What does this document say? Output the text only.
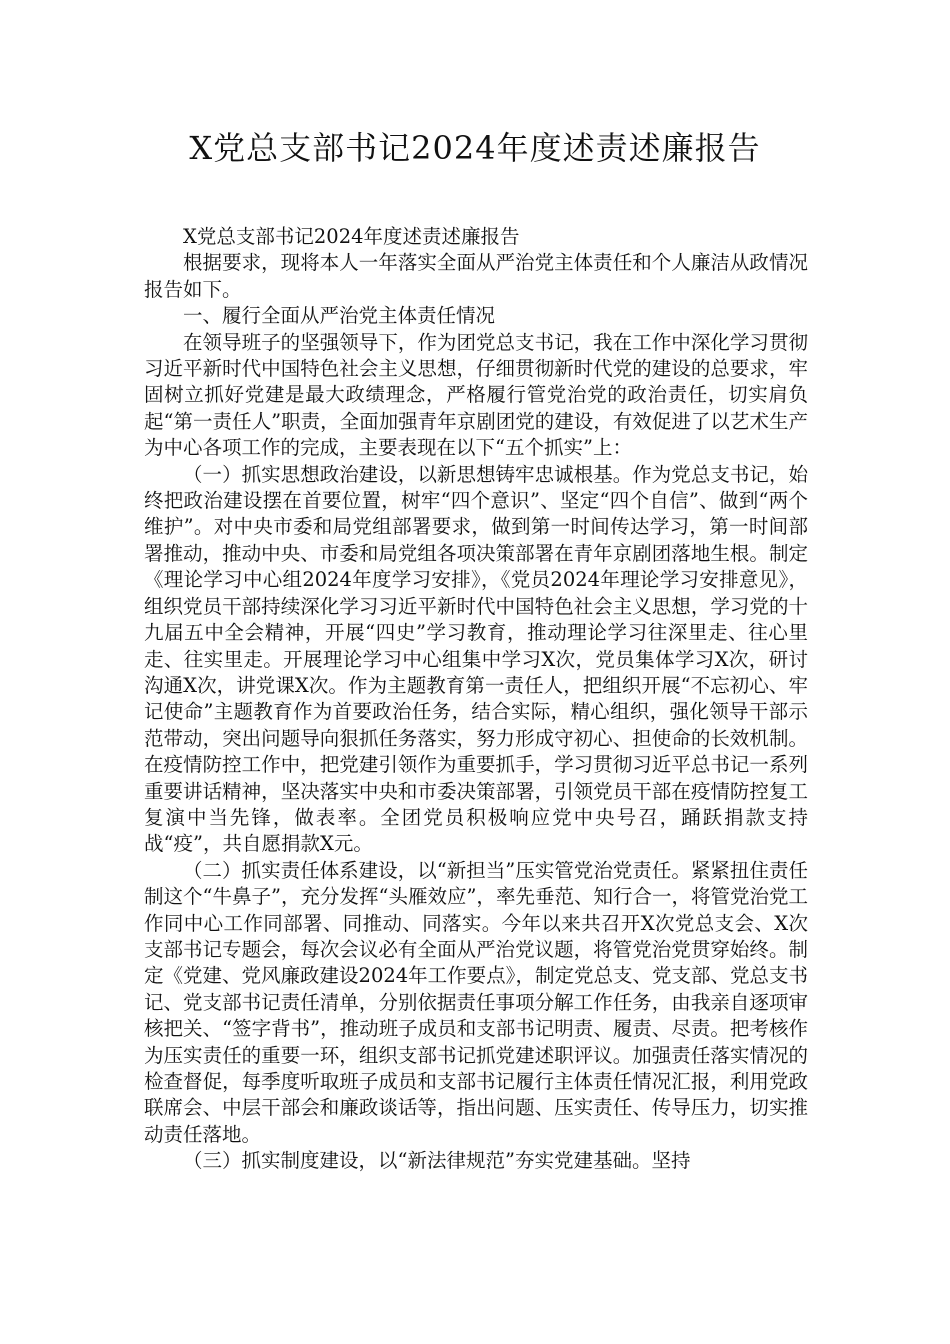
X党总支部书记2024年度述责述廉报告

X党总支部书记2024年度述责述廉报告

根据要求，现将本人一年落实全面从严治党主体责任和个人廉洁从政情况报告如下。

一、履行全面从严治党主体责任情况

在领导班子的坚强领导下，作为团党总支书记，我在工作中深化学习贯彻习近平新时代中国特色社会主义思想，仔细贯彻新时代党的建设的总要求，牢固树立抓好党建是最大政绩理念，严格履行管党治党的政治责任，切实肩负起“第一责任人”职责，全面加强青年京剧团党的建设，有效促进了以艺术生产为中心各项工作的完成，主要表现在以下“五个抓实”上：

（一）抓实思想政治建设，以新思想铸牢忠诚根基。作为党总支书记，始终把政治建设摆在首要位置，树牢“四个意识”、坚定“四个自信”、做到“两个维护”。对中央市委和局党组部署要求，做到第一时间传达学习，第一时间部署推动，推动中央、市委和局党组各项决策部署在青年京剧团落地生根。制定《理论学习中心组2024年度学习安排》，《党员2024年理论学习安排意见》，组织党员干部持续深化学习习近平新时代中国特色社会主义思想，学习党的十九届五中全会精神，开展“四史”学习教育，推动理论学习往深里走、往心里走、往实里走。开展理论学习中心组集中学习X次，党员集体学习X次，研讨沟通X次，讲党课X次。作为主题教育第一责任人，把组织开展“不忘初心、牢记使命”主题教育作为首要政治任务，结合实际，精心组织，强化领导干部示范带动，突出问题导向狠抓任务落实，努力形成守初心、担使命的长效机制。在疫情防控工作中，把党建引领作为重要抓手，学习贯彻习近平总书记一系列重要讲话精神，坚决落实中央和市委决策部署，引领党员干部在疫情防控复工复演中当先锋，做表率。全团党员积极响应党中央号召，踊跃捐款支持战“疫”，共自愿捐款X元。

（二）抓实责任体系建设，以“新担当”压实管党治党责任。紧紧扭住责任制这个“牛鼻子”，充分发挥“头雁效应”，率先垂范、知行合一，将管党治党工作同中心工作同部署、同推动、同落实。今年以来共召开X次党总支会、X次支部书记专题会，每次会议必有全面从严治党议题，将管党治党贯穿始终。制定《党建、党风廉政建设2024年工作要点》，制定党总支、党支部、党总支书记、党支部书记责任清单，分别依据责任事项分解工作任务，由我亲自逐项审核把关、“签字背书”，推动班子成员和支部书记明责、履责、尽责。把考核作为压实责任的重要一环，组织支部书记抓党建述职评议。加强责任落实情况的检查督促，每季度听取班子成员和支部书记履行主体责任情况汇报，利用党政联席会、中层干部会和廉政谈话等，指出问题、压实责任、传导压力，切实推动责任落地。

（三）抓实制度建设，以“新法律规范”夯实党建基础。坚持
